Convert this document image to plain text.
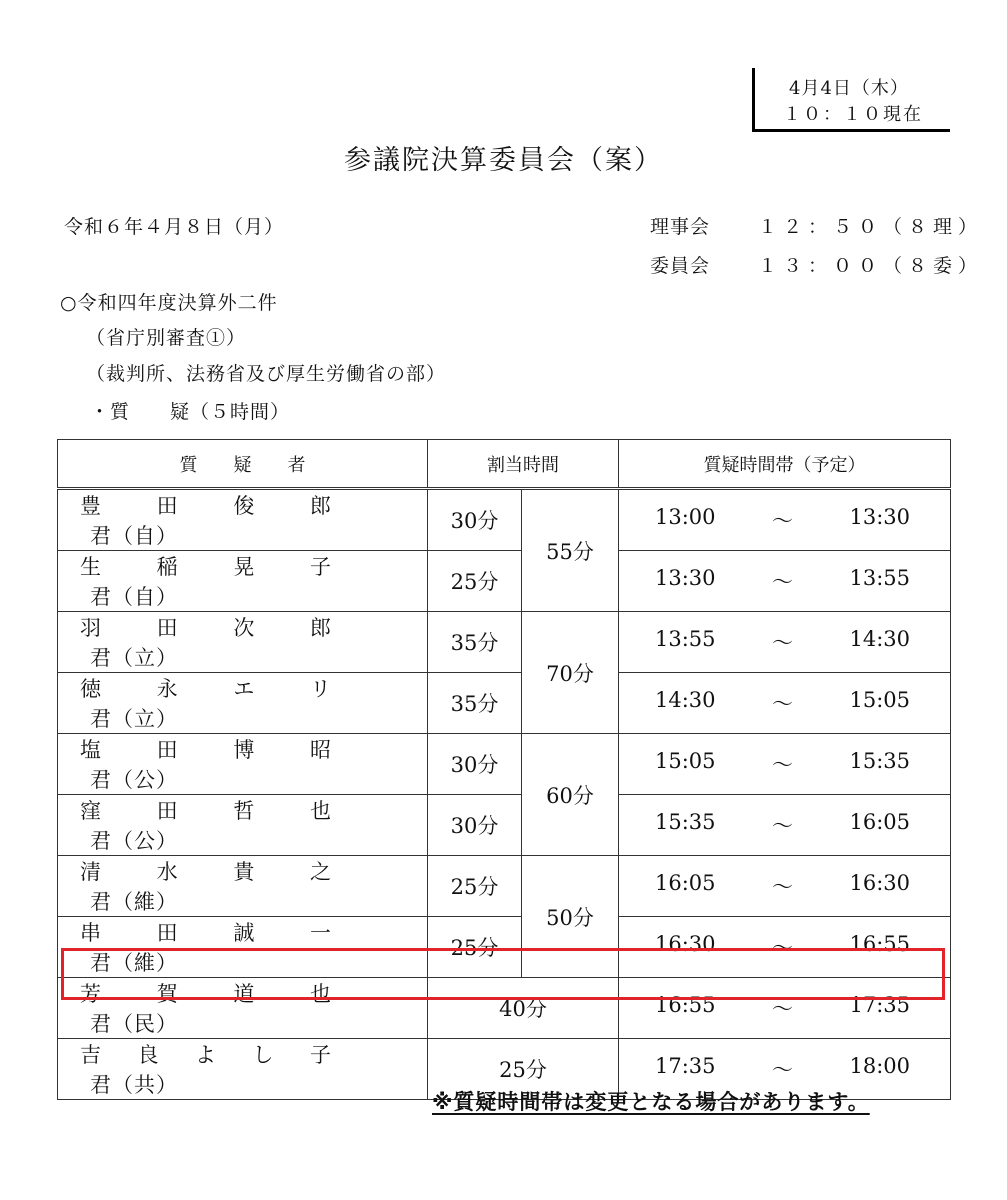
4月4日（木）
１０：１０現在
参議院決算委員会（案）
令和６年４月８日（月）	理事会	１２：５０（８理）
委員会	１３：００（８委）
○令和四年度決算外二件
（省庁別審査①）
（裁判所、法務省及び厚生労働省の部）
・質　　疑（５時間）
質　　疑　　者	割当時間		質疑時間帯（予定）
豊田俊郎君（自）	30分	55分	13:00 ～ 13:30

生稲晃子君（自）	25分		13:30 ～ 13:55

羽田次郎君（立）	35分	70分	13:55 ～ 14:30

徳永エリ君（立）	35分		14:30 ～ 15:05

塩田博昭君（公）	30分	60分	15:05 ～ 15:35

窪田哲也君（公）	30分		15:35 ～ 16:05

清水貴之君（維）	25分	50分	16:05 ～ 16:30

串田誠一君（維）	25分		16:30 ～ 16:55

芳賀道也君（民）	40分		16:55 ～ 17:35

吉良よし子君（共）	25分		17:35 ～ 18:00
※質疑時間帯は変更となる場合があります。
